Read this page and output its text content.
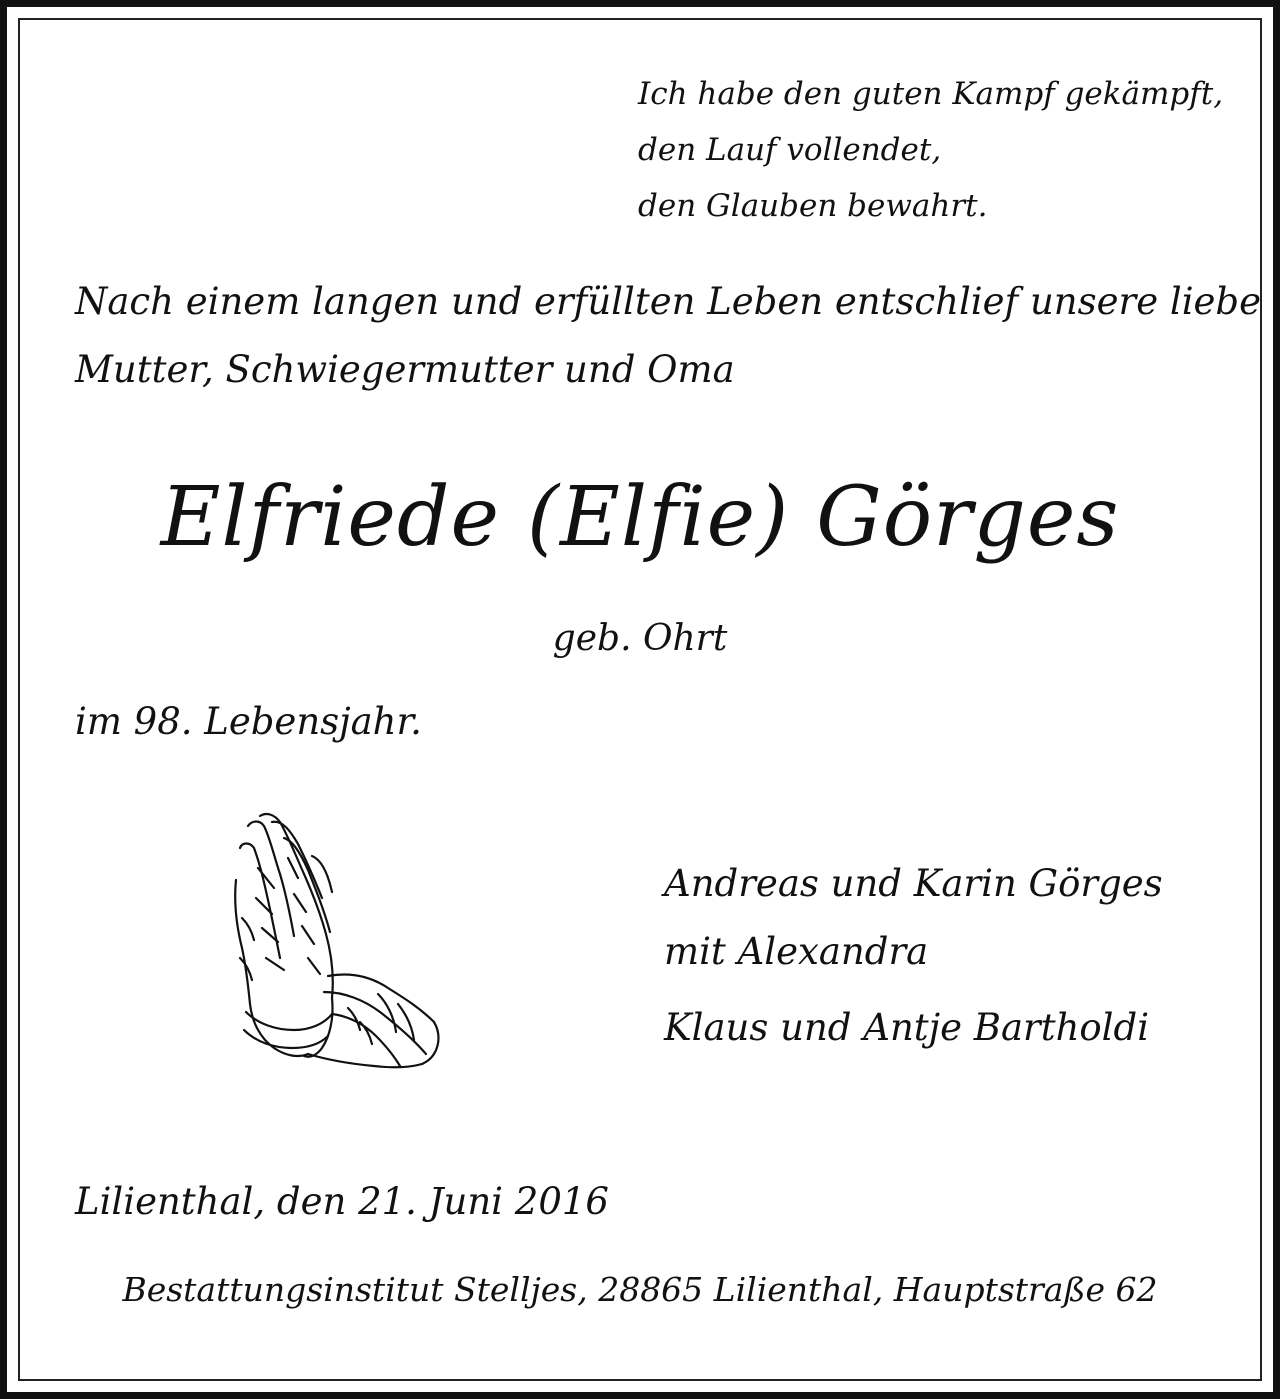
Ich habe den guten Kampf gekämpft,

den Lauf vollendet,

den Glauben bewahrt.

Nach einem langen und erfüllten Leben entschlief unsere liebe

Mutter, Schwiegermutter und Oma

Elfriede (Elfie) Görges

geb. Ohrt

im 98. Lebensjahr.

Andreas und Karin Görges

mit Alexandra

Klaus und Antje Bartholdi

Lilienthal, den 21. Juni 2016

Bestattungsinstitut Stelljes, 28865 Lilienthal, Hauptstraße 62
